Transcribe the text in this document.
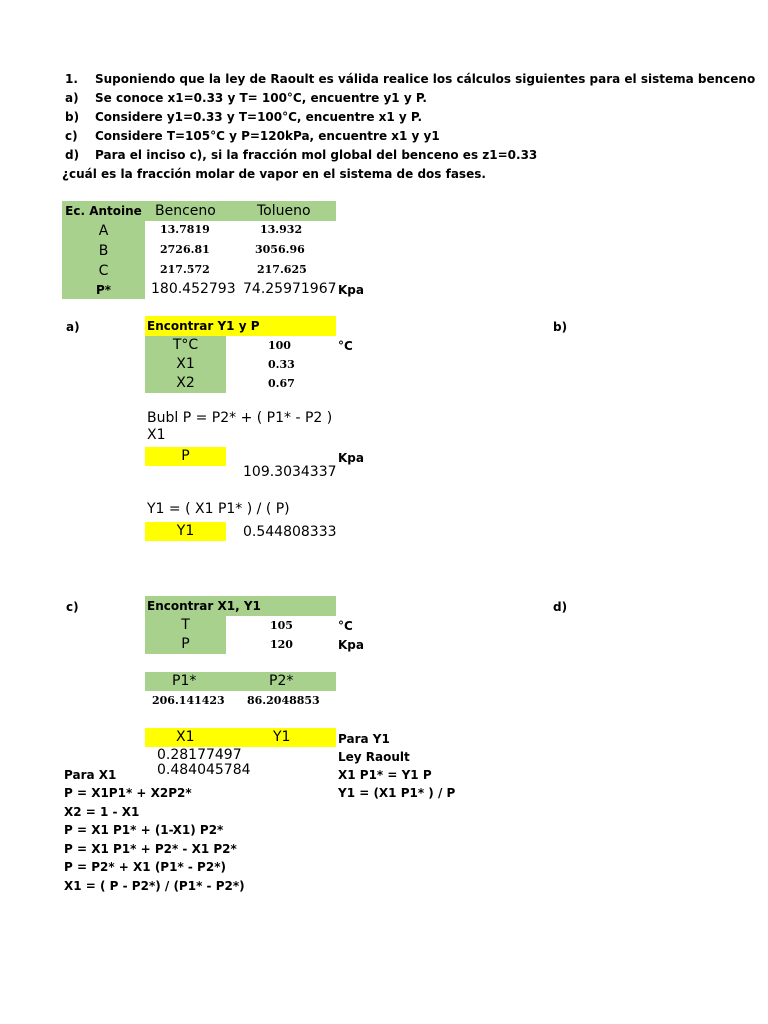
1. Suponiendo que la ley de Raoult es válida realice los cálculos siguientes para el sistema benceno
a) Se conoce x1=0.33 y T= 100°C, encuentre y1 y P.
b) Considere y1=0.33 y T=100°C, encuentre x1 y P.
c) Considere T=105°C y P=120kPa, encuentre x1 y y1
d) Para el inciso c), si la fracción mol global del benceno es z1=0.33
¿cuál es la fracción molar de vapor en el sistema de dos fases.
Ec. Antoine Benceno	Tolueno
A	13.7819	13.932
B	2726.81	3056.96
C	217.572	217.625
P*	180.452793 74.25971967 Kpa
a)	Encontrar Y1 y P	b)
T°C	100	°C
X1	0.33
X2	0.67
Bubl P = P2* + ( P1* - P2 )
X1
P	Kpa
109.3034337
Y1 = ( X1 P1* ) / ( P)
Y1	0.544808333
c)	Encontrar X1, Y1	d)
T	105	°C
P	120	Kpa
P1*	P2*
206.141423 86.2048853
X1	Y1
0.28177497
0.484045784
Para Y1
Ley Raoult
X1 P1* = Y1 P
Y1 = (X1 P1* ) / P
Para X1
P = X1P1* + X2P2*
X2 = 1 - X1
P = X1 P1* + (1-X1) P2*
P = X1 P1* + P2* - X1 P2*
P = P2* + X1 (P1* - P2*)
X1 = ( P - P2*) / (P1* - P2*)
